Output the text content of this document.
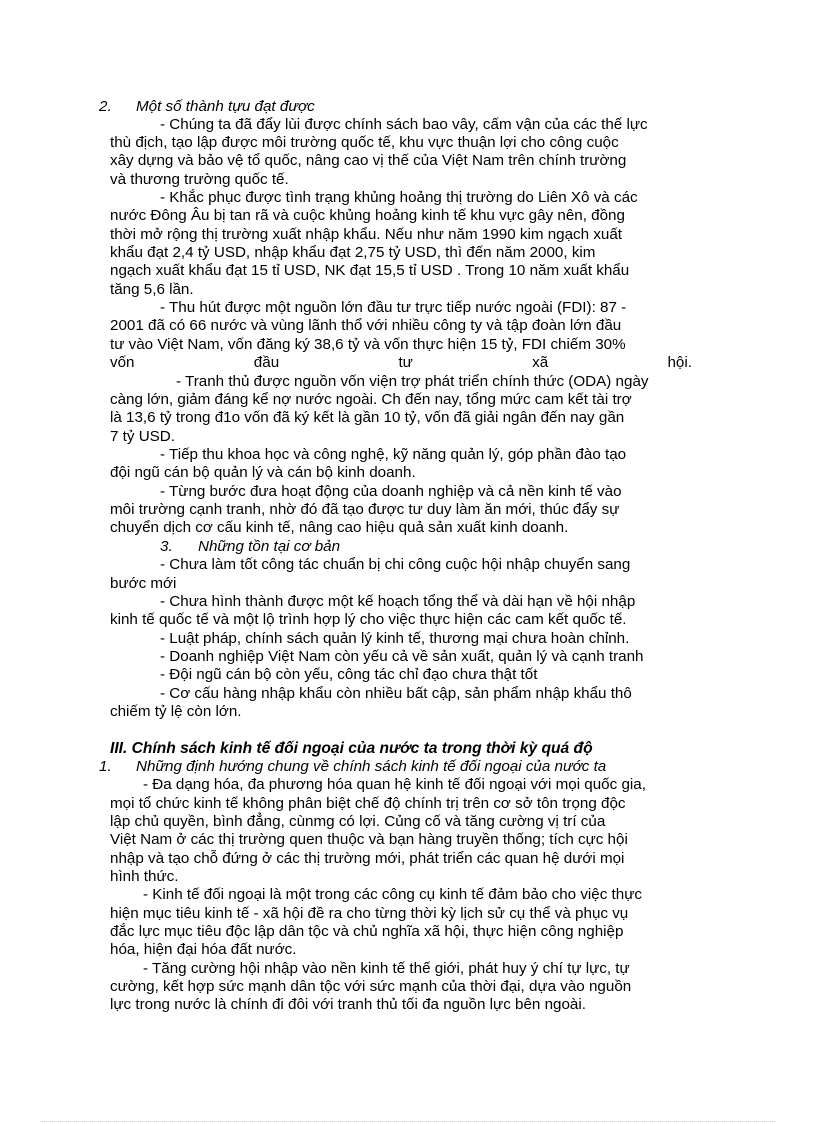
2. Một số thành tựu đạt được
- Chúng ta đã đẩy lùi được chính sách bao vây, cấm vận của các thế lực
thù địch, tạo lập được môi trường quốc tế, khu vực thuận lợi cho công cuộc
xây dựng và bảo vệ tổ quốc, nâng cao vị thế của Việt Nam trên chính trường
và thương trường quốc tế.
- Khắc phục được tình trạng khủng hoảng thị trường do Liên Xô và các
nước Đông Âu bị tan rã và cuộc khủng hoảng kinh tế khu vực gây nên, đồng
thời mở rộng thị trường xuất nhập khẩu. Nếu như năm 1990 kim ngạch xuất
khẩu đạt 2,4 tỷ USD, nhập khẩu đạt 2,75 tỷ USD, thì đến năm 2000, kim
ngạch xuất khẩu đạt 15 tỉ USD, NK đạt 15,5 tỉ USD . Trong 10 năm xuất khẩu
tăng 5,6 lần.
- Thu hút được một nguồn lớn đầu tư trực tiếp nước ngoài (FDI): 87 -
2001 đã có 66 nước và vùng lãnh thổ với nhiều công ty và tập đoàn lớn đầu
tư vào Việt Nam, vốn đăng ký 38,6 tỷ và vốn thực hiện 15 tỷ, FDI chiếm 30%
vốn	đầu	tư	xã	hội.
- Tranh thủ được nguồn vốn viện trợ phát triển chính thức (ODA) ngày
càng lớn, giảm đáng kể nợ nước ngoài. Ch đến nay, tổng mức cam kết tài trợ
là 13,6 tỷ trong đ1o vốn đã ký kết là gần 10 tỷ, vốn đã giải ngân đến nay gần
7 tỷ USD.
- Tiếp thu khoa học và công nghệ, kỹ năng quản lý, góp phần đào tạo
đội ngũ cán bộ quản lý và cán bộ kinh doanh.
- Từng bước đưa hoạt động của doanh nghiệp và cả nền kinh tế vào
môi trường cạnh tranh, nhờ đó đã tạo được tư duy làm ăn mới, thúc đẩy sự
chuyển dịch cơ cấu kinh tế, nâng cao hiệu quả sản xuất kinh doanh.
3. Những tồn tại cơ bản
- Chưa làm tốt công tác chuẩn bị chi công cuộc hội nhập chuyển sang
bước mới
- Chưa hình thành được một kế hoạch tổng thể và dài hạn về hội nhập
kinh tế quốc tế và một lộ trình hợp lý cho việc thực hiện các cam kết quốc tế.
- Luật pháp, chính sách quản lý kinh tế, thương mại chưa hoàn chỉnh.
- Doanh nghiệp Việt Nam còn yếu cả về sản xuất, quản lý và cạnh tranh
- Đội ngũ cán bộ còn yếu, công tác chỉ đạo chưa thật tốt
- Cơ cấu hàng nhập khẩu còn nhiều bất cập, sản phẩm nhập khẩu thô
chiếm tỷ lệ còn lớn.
III. Chính sách kinh tế đối ngoại của nước ta trong thời kỳ quá độ
1. Những định hướng chung về chính sách kinh tế đối ngoại của nước ta
- Đa dạng hóa, đa phương hóa quan hệ kinh tế đối ngoại với mọi quốc gia,
mọi tổ chức kinh tế không phân biệt chế độ chính trị trên cơ sở tôn trọng độc
lập chủ quyền, bình đẳng, cùnmg có lợi. Củng cố và tăng cường vị trí của
Việt Nam ở các thị trường quen thuộc và bạn hàng truyền thống; tích cực hội
nhập và tạo chỗ đứng ở các thị trường mới, phát triển các quan hệ dưới mọi
hình thức.
- Kinh tế đối ngoại là một trong các công cụ kinh tế đảm bảo cho việc thực
hiện mục tiêu kinh tế - xã hội đề ra cho từng thời kỳ lịch sử cụ thể và phục vụ
đắc lực mục tiêu độc lập dân tộc và chủ nghĩa xã hội, thực hiện công nghiệp
hóa, hiện đại hóa đất nước.
- Tăng cường hội nhập vào nền kinh tế thế giới, phát huy ý chí tự lực, tự
cường, kết hợp sức mạnh dân tộc với sức mạnh của thời đại, dựa vào nguồn
lực trong nước là chính đi đôi với tranh thủ tối đa nguồn lực bên ngoài.
